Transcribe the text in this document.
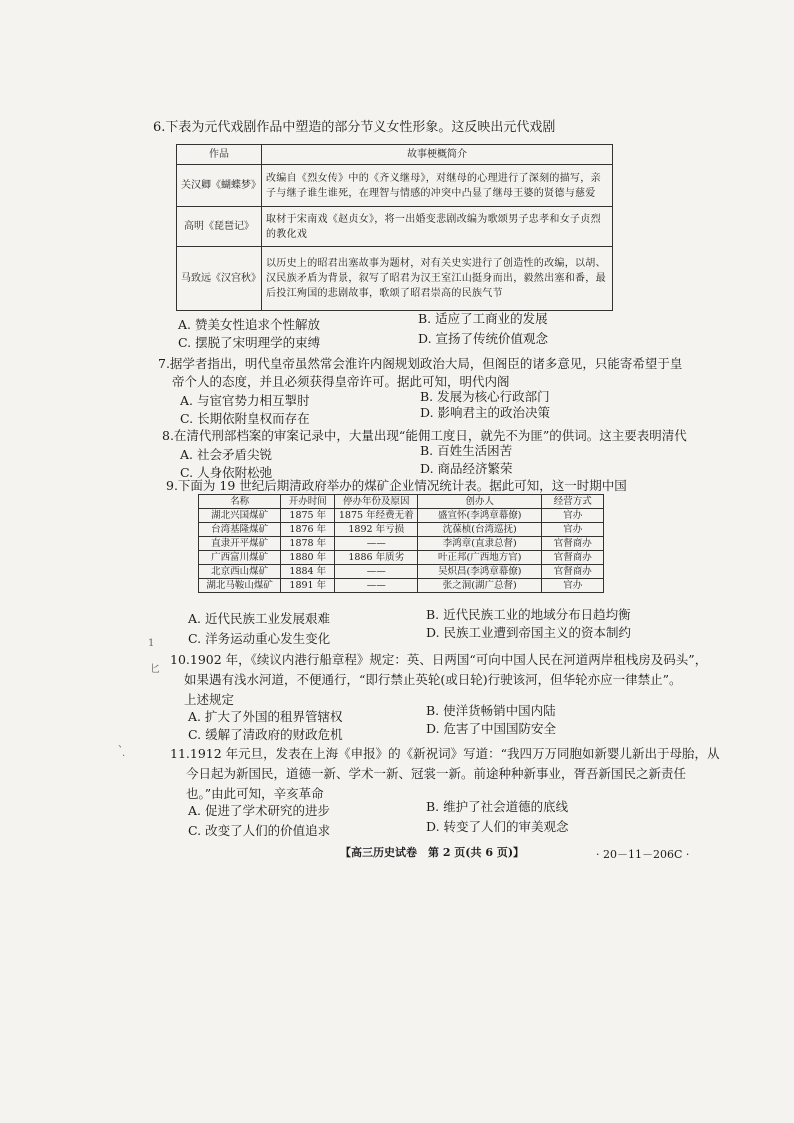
6.下表为元代戏剧作品中塑造的部分节义女性形象。这反映出元代戏剧
作品	故事梗概简介
关汉卿《蝴蝶梦》	改编自《烈女传》中的《齐义继母》，对继母的心理进行了深刻的描写，亲子与继子谁生谁死，在理智与情感的冲突中凸显了继母王婆的贤德与慈爱
高明《琵琶记》	取材于宋南戏《赵贞女》，将一出婚变悲剧改编为歌颂男子忠孝和女子贞烈的教化戏
马致远《汉宫秋》	以历史上的昭君出塞故事为题材，对有关史实进行了创造性的改编，以胡、汉民族矛盾为背景，叙写了昭君为汉王室江山挺身而出，毅然出塞和番，最后投江殉国的悲剧故事，歌颂了昭君崇高的民族气节
A. 赞美女性追求个性解放	B. 适应了工商业的发展
C. 摆脱了宋明理学的束缚	D. 宣扬了传统价值观念
7.据学者指出，明代皇帝虽然常会淮许内阁规划政治大局，但阁臣的诸多意见，只能寄希望于皇
帝个人的态度，并且必须获得皇帝许可。据此可知，明代内阁
A. 与宦官势力相互掣肘	B. 发展为核心行政部门
C. 长期依附皇权而存在	D. 影响君主的政治决策
8.在清代刑部档案的审案记录中，大量出现“能佣工度日，就先不为匪”的供词。这主要表明清代
A. 社会矛盾尖锐	B. 百姓生活困苦
C. 人身依附松弛	D. 商品经济繁荣
9.下面为 19 世纪后期清政府举办的煤矿企业情况统计表。据此可知，这一时期中国
名称	开办时间	停办年份及原因	创办人	经营方式
湖北兴国煤矿	1875 年	1875 年经费无着	盛宣怀(李鸿章幕僚)	官办
台湾基隆煤矿	1876 年	1892 年亏损	沈葆桢(台湾巡抚)	官办
直隶开平煤矿	1878 年	——	李鸿章(直隶总督)	官督商办
广西富川煤矿	1880 年	1886 年质劣	叶正邦(广西地方官)	官督商办
北京西山煤矿	1884 年	——	吴炽昌(李鸿章幕僚)	官督商办
湖北马鞍山煤矿	1891 年	——	张之洞(湖广总督)	官办
A. 近代民族工业发展艰难	B. 近代民族工业的地域分布日趋均衡
C. 洋务运动重心发生变化	D. 民族工业遭到帝国主义的资本制约
10.1902 年，《续议内港行船章程》规定：英、日两国“可向中国人民在河道两岸租栈房及码头”，
如果遇有浅水河道，不便通行，“即行禁止英轮(或日轮)行驶该河，但华轮亦应一律禁止”。
上述规定
A. 扩大了外国的租界管辖权	B. 使洋货畅销中国内陆
C. 缓解了清政府的财政危机	D. 危害了中国国防安全
11.1912 年元旦，发表在上海《申报》的《新祝词》写道：“我四万万同胞如新婴儿新出于母胎，从
今日起为新国民，道德一新、学术一新、冠裳一新。前途种种新事业，胥吾新国民之新责任
也。”由此可知，辛亥革命
A. 促进了学术研究的进步	B. 维护了社会道德的底线
C. 改变了人们的价值追求	D. 转变了人们的审美观念
【高三历史试卷　第 2 页(共 6 页)】	· 20－11－206C ·
1
匕
、
.
